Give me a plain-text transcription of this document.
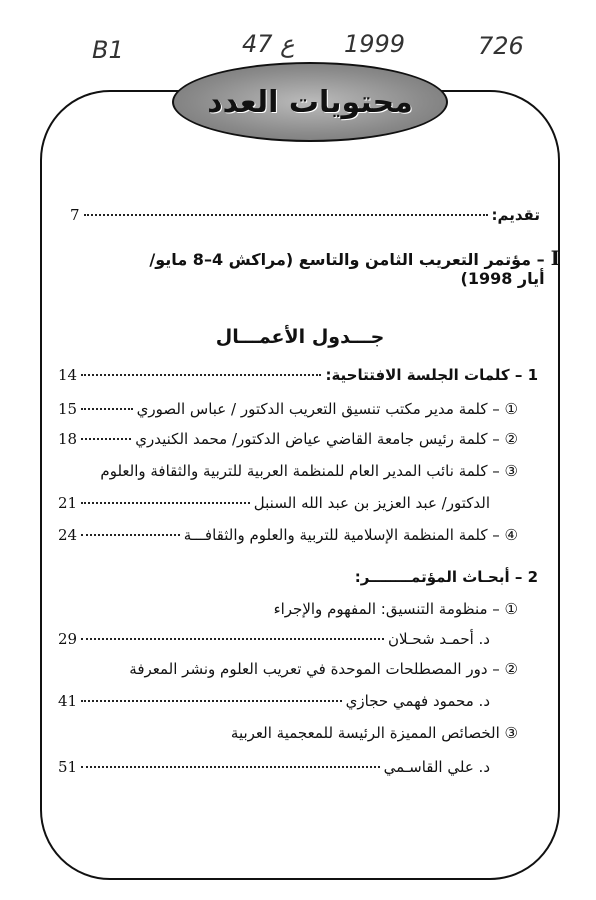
B1	47 ع 1999	726
محتويات العدد
تقديم:
7
I
– مؤتمر التعريب الثامن والتاسع (مراكش 4–8 مايو/أيار 1998)
جـــدول الأعمـــال
1 – كلمات الجلسة الافتتاحية:
14
① – كلمة مدير مكتب تنسيق التعريب الدكتور / عباس الصوري
15
② – كلمة رئيس جامعة القاضي عياض الدكتور/ محمد الكنيدري
18
③ – كلمة نائب المدير العام للمنظمة العربية للتربية والثقافة والعلوم
الدكتور/ عبد العزيز بن عبد الله السنبل
21
④ – كلمة المنظمة الإسلامية للتربية والعلوم والثقافـــة
24
2 – أبحـاث المؤتمــــــــر:
① – منظومة التنسيق: المفهوم والإجراء
د. أحمـد شحـلان
29
② – دور المصطلحات الموحدة في تعريب العلوم ونشر المعرفة
د. محمود فهمي حجازي
41
③ الخصائص المميزة الرئيسة للمعجمية العربية
د. علي القاسـمي
51
